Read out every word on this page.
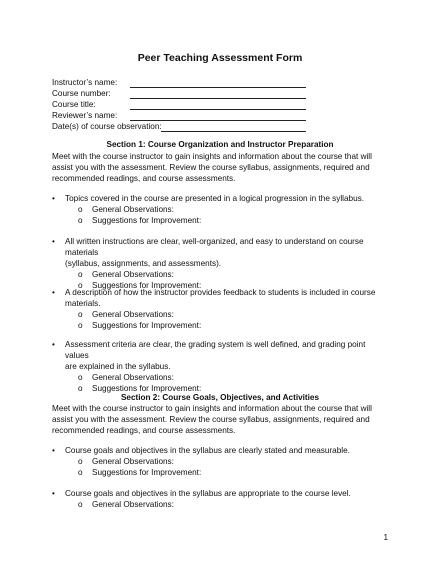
Peer Teaching Assessment Form
Instructor’s name:
Course number:
Course title:
Reviewer’s name:
Date(s) of course observation:
Section 1: Course Organization and Instructor Preparation
Meet with the course instructor to gain insights and information about the course that will
assist you with the assessment. Review the course syllabus, assignments, required and
recommended readings, and course assessments.
• Topics covered in the course are presented in a logical progression in the syllabus.
o General Observations:
o Suggestions for Improvement:
• All written instructions are clear, well-organized, and easy to understand on course materials
(syllabus, assignments, and assessments).
o General Observations:
o Suggestions for Improvement:
• A description of how the instructor provides feedback to students is included in course
materials.
o General Observations:
o Suggestions for Improvement:
• Assessment criteria are clear, the grading system is well defined, and grading point values
are explained in the syllabus.
o General Observations:
o Suggestions for Improvement:
Section 2: Course Goals, Objectives, and Activities
Meet with the course instructor to gain insights and information about the course that will
assist you with the assessment. Review the course syllabus, assignments, required and
recommended readings, and course assessments.
• Course goals and objectives in the syllabus are clearly stated and measurable.
o General Observations:
o Suggestions for Improvement:
• Course goals and objectives in the syllabus are appropriate to the course level.
o General Observations:
1
